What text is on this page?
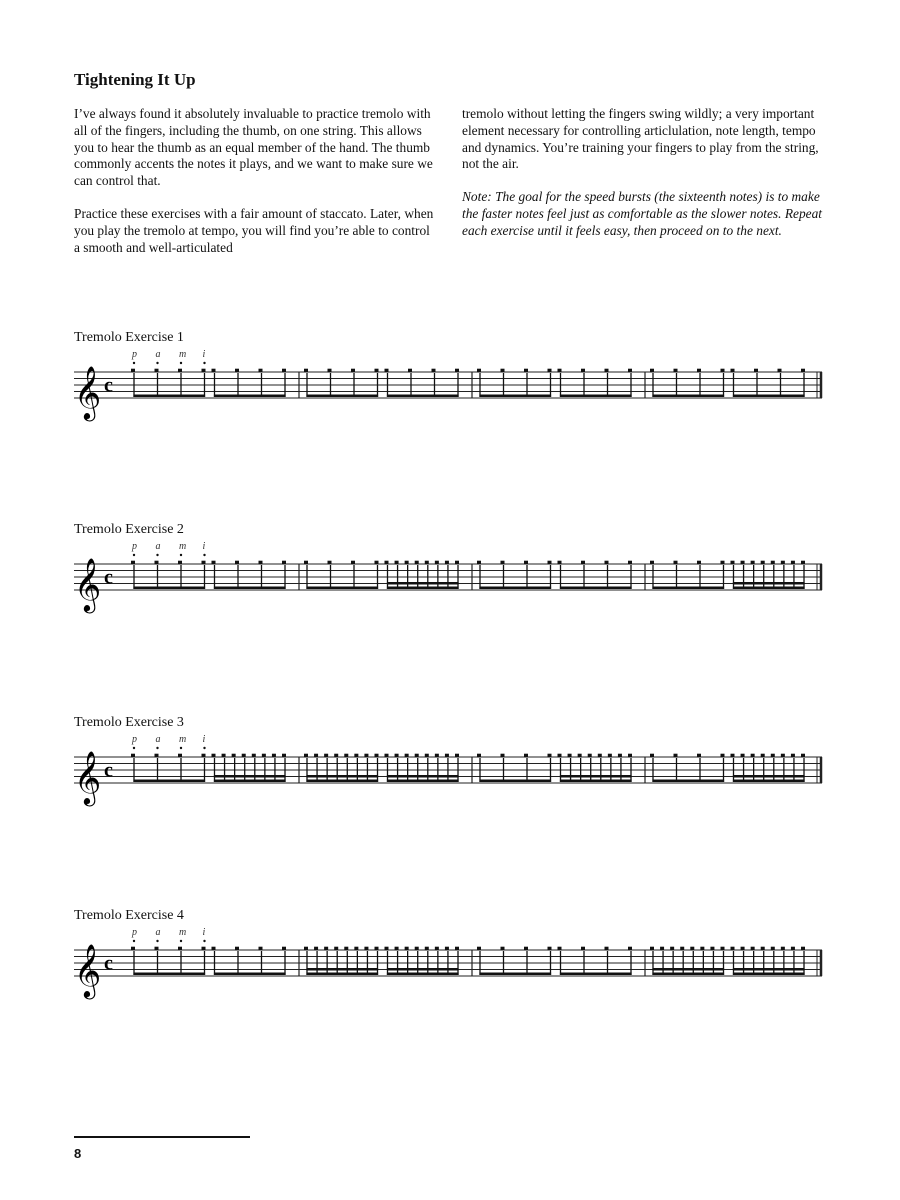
Tightening It Up

I’ve always found it absolutely invaluable to practice tremolo with all of the fingers, including the thumb, on one string. This allows you to hear the thumb as an equal member of the hand. The thumb commonly accents the notes it plays, and we want to make sure we can control that.

Practice these exercises with a fair amount of staccato. Later, when you play the tremolo at tempo, you will find you’re able to control a smooth and well-articulated

tremolo without letting the fingers swing wildly; a very important element necessary for controlling articlulation, note length, tempo and dynamics. You’re training your fingers to play from the string, not the air.

Note: The goal for the speed bursts (the sixteenth notes) is to make the faster notes feel just as comfortable as the slower notes. Repeat each exercise until it feels easy, then proceed on to the next.

Tremolo Exercise 1
𝄞 c
p a m i
Tremolo Exercise 2
𝄞 c
p a m i
Tremolo Exercise 3
𝄞 c
p a m i
Tremolo Exercise 4
𝄞 c
p a m i
8
